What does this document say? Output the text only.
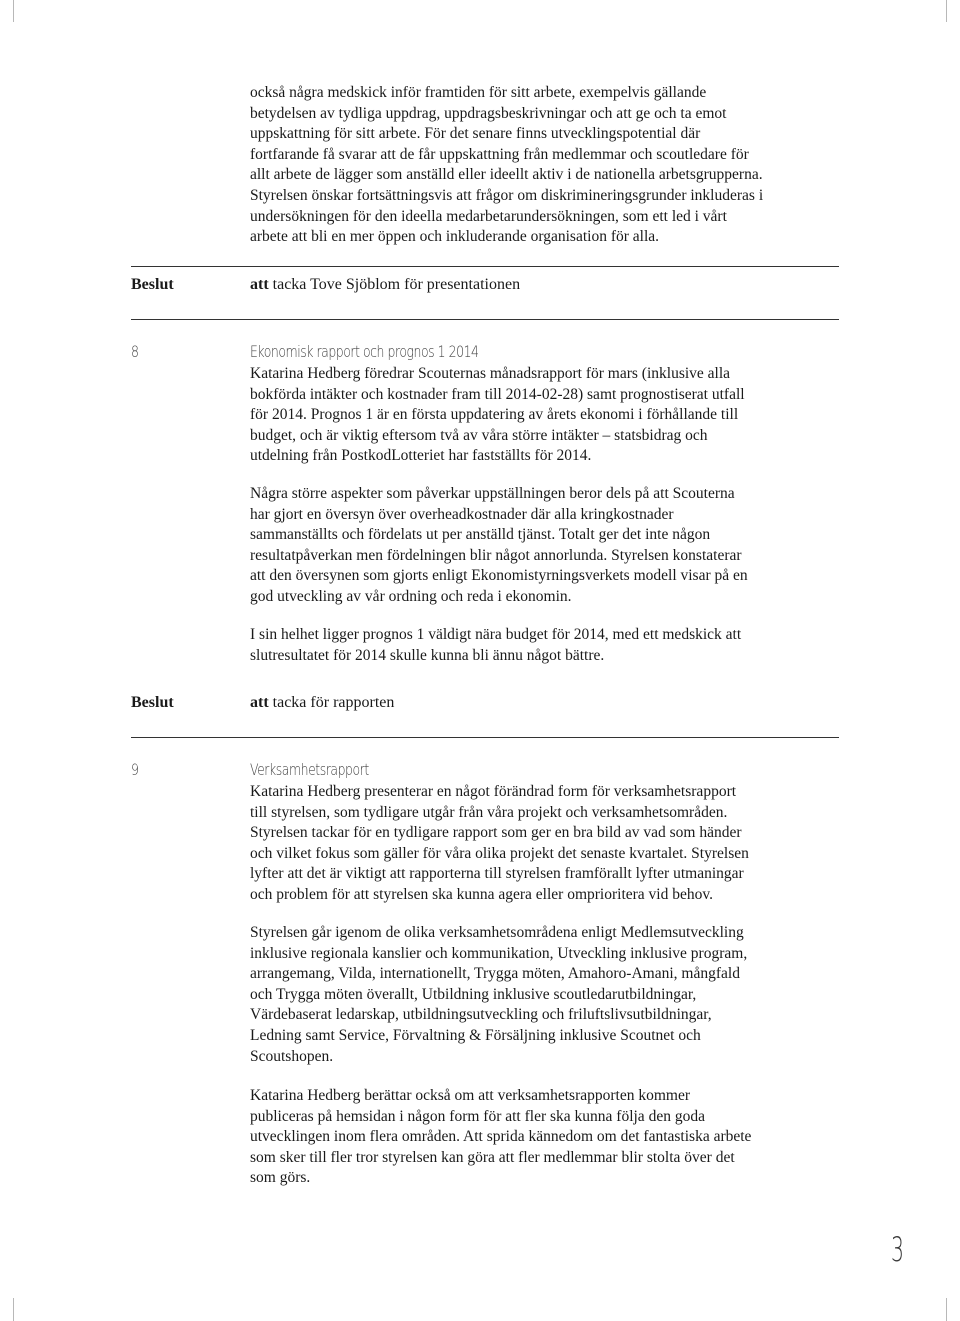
också några medskick inför framtiden för sitt arbete, exempelvis gällande
betydelsen av tydliga uppdrag, uppdragsbeskrivningar och att ge och ta emot
uppskattning för sitt arbete. För det senare finns utvecklingspotential där
fortfarande få svarar att de får uppskattning från medlemmar och scoutledare för
allt arbete de lägger som anställd eller ideellt aktiv i de nationella arbetsgrupperna.
Styrelsen önskar fortsättningsvis att frågor om diskrimineringsgrunder inkluderas i
undersökningen för den ideella medarbetarundersökningen, som ett led i vårt
arbete att bli en mer öppen och inkluderande organisation för alla.

Beslut	att tacka Tove Sjöblom för presentationen

8	Ekonomisk rapport och prognos 1 2014

Katarina Hedberg föredrar Scouternas månadsrapport för mars (inklusive alla
bokförda intäkter och kostnader fram till 2014-02-28) samt prognostiserat utfall
för 2014. Prognos 1 är en första uppdatering av årets ekonomi i förhållande till
budget, och är viktig eftersom två av våra större intäkter – statsbidrag och
utdelning från PostkodLotteriet har fastställts för 2014.
Några större aspekter som påverkar uppställningen beror dels på att Scouterna
har gjort en översyn över overheadkostnader där alla kringkostnader
sammanställts och fördelats ut per anställd tjänst. Totalt ger det inte någon
resultatpåverkan men fördelningen blir något annorlunda. Styrelsen konstaterar
att den översynen som gjorts enligt Ekonomistyrningsverkets modell visar på en
god utveckling av vår ordning och reda i ekonomin.
I sin helhet ligger prognos 1 väldigt nära budget för 2014, med ett medskick att
slutresultatet för 2014 skulle kunna bli ännu något bättre.

Beslut	att tacka för rapporten

9	Verksamhetsrapport

Katarina Hedberg presenterar en något förändrad form för verksamhetsrapport
till styrelsen, som tydligare utgår från våra projekt och verksamhetsområden.
Styrelsen tackar för en tydligare rapport som ger en bra bild av vad som händer
och vilket fokus som gäller för våra olika projekt det senaste kvartalet. Styrelsen
lyfter att det är viktigt att rapporterna till styrelsen framförallt lyfter utmaningar
och problem för att styrelsen ska kunna agera eller omprioritera vid behov.
Styrelsen går igenom de olika verksamhetsområdena enligt Medlemsutveckling
inklusive regionala kanslier och kommunikation, Utveckling inklusive program,
arrangemang, Vilda, internationellt, Trygga möten, Amahoro-Amani, mångfald
och Trygga möten överallt, Utbildning inklusive scoutledarutbildningar,
Värdebaserat ledarskap, utbildningsutveckling och friluftslivsutbildningar,
Ledning samt Service, Förvaltning & Försäljning inklusive Scoutnet och
Scoutshopen.
Katarina Hedberg berättar också om att verksamhetsrapporten kommer
publiceras på hemsidan i någon form för att fler ska kunna följa den goda
utvecklingen inom flera områden. Att sprida kännedom om det fantastiska arbete
som sker till fler tror styrelsen kan göra att fler medlemmar blir stolta över det
som görs.

3
